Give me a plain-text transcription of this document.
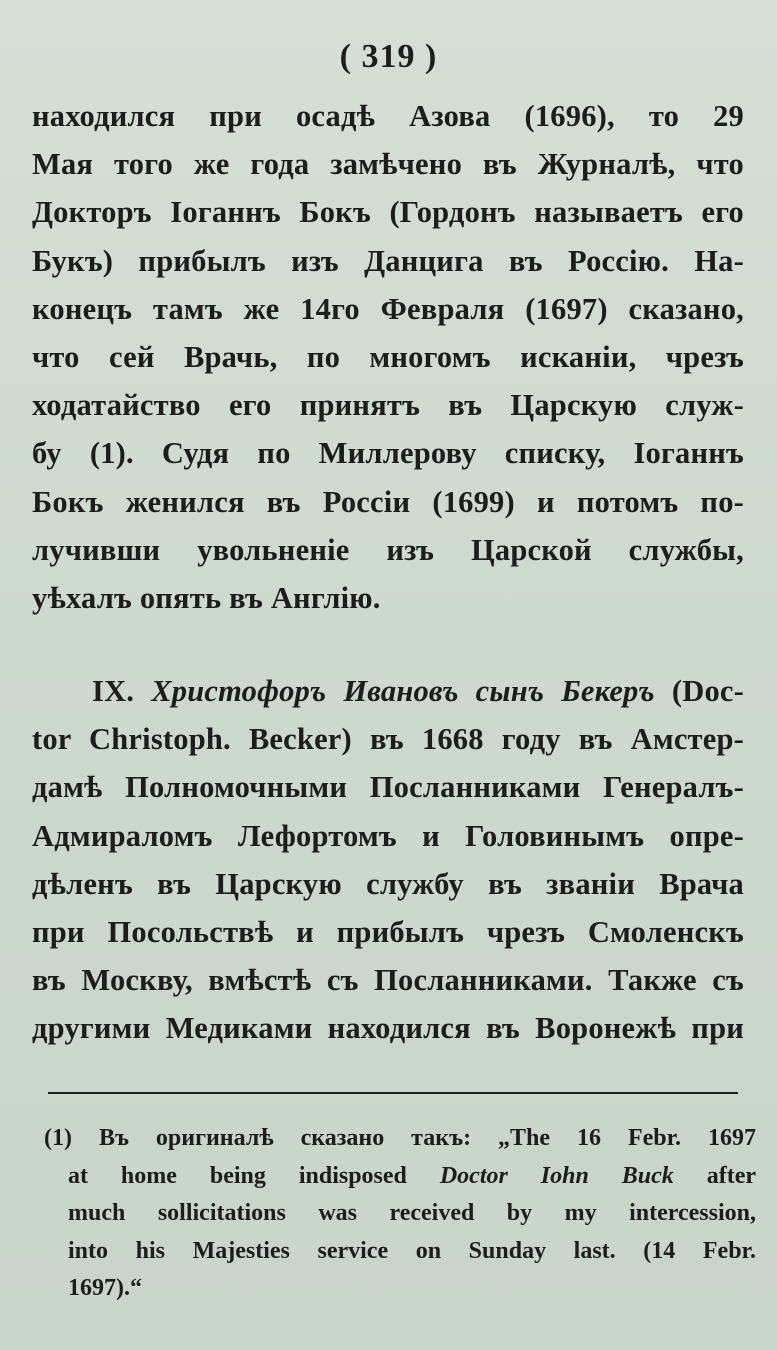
( 319 )
находился при осадѣ Азова (1696), то 29
Мая того же года замѣчено въ Журналѣ, что
Докторъ Іоганнъ Бокъ (Гордонъ называетъ его
Букъ) прибылъ изъ Данцига въ Россію. На-
конецъ тамъ же 14го Февраля (1697) сказано,
что сей Врачь, по многомъ исканіи, чрезъ
ходатайство его принятъ въ Царскую служ-
бу (1). Судя по Миллерову списку, Іоганнъ
Бокъ женился въ Россіи (1699) и потомъ по-
лучивши увольненіе изъ Царской службы,
уѣхалъ опять въ Англію.
IX. Христофоръ Ивановъ сынъ Бекеръ (Doc-
tor Christoph. Becker) въ 1668 году въ Амстер-
дамѣ Полномочными Посланниками Генералъ-
Адмираломъ Лефортомъ и Головинымъ опре-
дѣленъ въ Царскую службу въ званіи Врача
при Посольствѣ и прибылъ чрезъ Смоленскъ
въ Москву, вмѣстѣ съ Посланниками. Также съ
другими Медиками находился въ Воронежѣ при
(1) Въ оригиналѣ сказано такъ: „The 16 Febr. 1697
at home being indisposed Doctor Iohn Buck after
much sollicitations was received by my intercession,
into his Majesties service on Sunday last. (14 Febr.
1697).“
